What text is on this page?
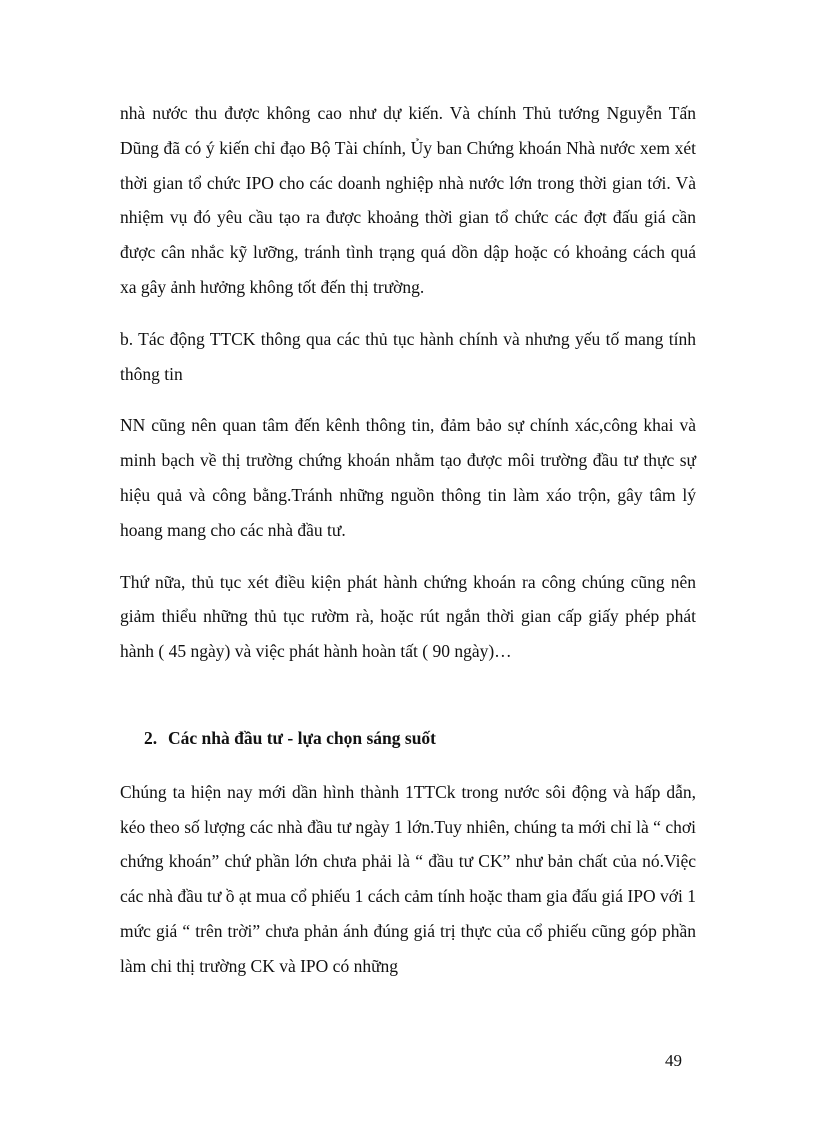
nhà nước thu được không cao như dự kiến. Và chính Thủ tướng Nguyễn Tấn Dũng đã có ý kiến chỉ đạo Bộ Tài chính, Ủy ban Chứng khoán Nhà nước xem xét thời gian tổ chức IPO cho các doanh nghiệp nhà nước lớn trong thời gian tới. Và nhiệm vụ đó yêu cầu tạo ra được khoảng thời gian tổ chức các đợt đấu giá cần được cân nhắc kỹ lưỡng, tránh tình trạng quá dồn dập hoặc có khoảng cách quá xa gây ảnh hưởng không tốt đến thị trường.

b. Tác động TTCK thông qua các thủ tục hành chính và nhưng yếu tố mang tính thông tin

NN cũng nên quan tâm đến kênh thông tin, đảm bảo sự chính xác,công khai và minh bạch về thị trường chứng khoán nhằm tạo được môi trường đầu tư thực sự hiệu quả và công bằng.Tránh những nguồn thông tin làm xáo trộn, gây tâm lý hoang mang cho các nhà đầu tư.

Thứ nữa, thủ tục xét điều kiện phát hành chứng khoán ra công chúng cũng nên giảm thiểu những thủ tục rườm rà, hoặc rút ngắn thời gian cấp giấy phép phát hành ( 45 ngày) và việc phát hành hoàn tất ( 90 ngày)…

2. Các nhà đầu tư - lựa chọn sáng suốt

Chúng ta hiện nay mới dần hình thành 1TTCk trong nước sôi động và hấp dẫn, kéo theo số lượng các nhà đầu tư ngày 1 lớn.Tuy nhiên, chúng ta mới chỉ là “ chơi chứng khoán” chứ phần lớn chưa phải là “ đầu tư CK” như bản chất của nó.Việc các nhà đầu tư ồ ạt mua cổ phiếu 1 cách cảm tính hoặc tham gia đấu giá IPO với 1 mức giá “ trên trời” chưa phản ánh đúng giá trị thực của cổ phiếu cũng góp phần làm chi thị trường CK và IPO có những

49
